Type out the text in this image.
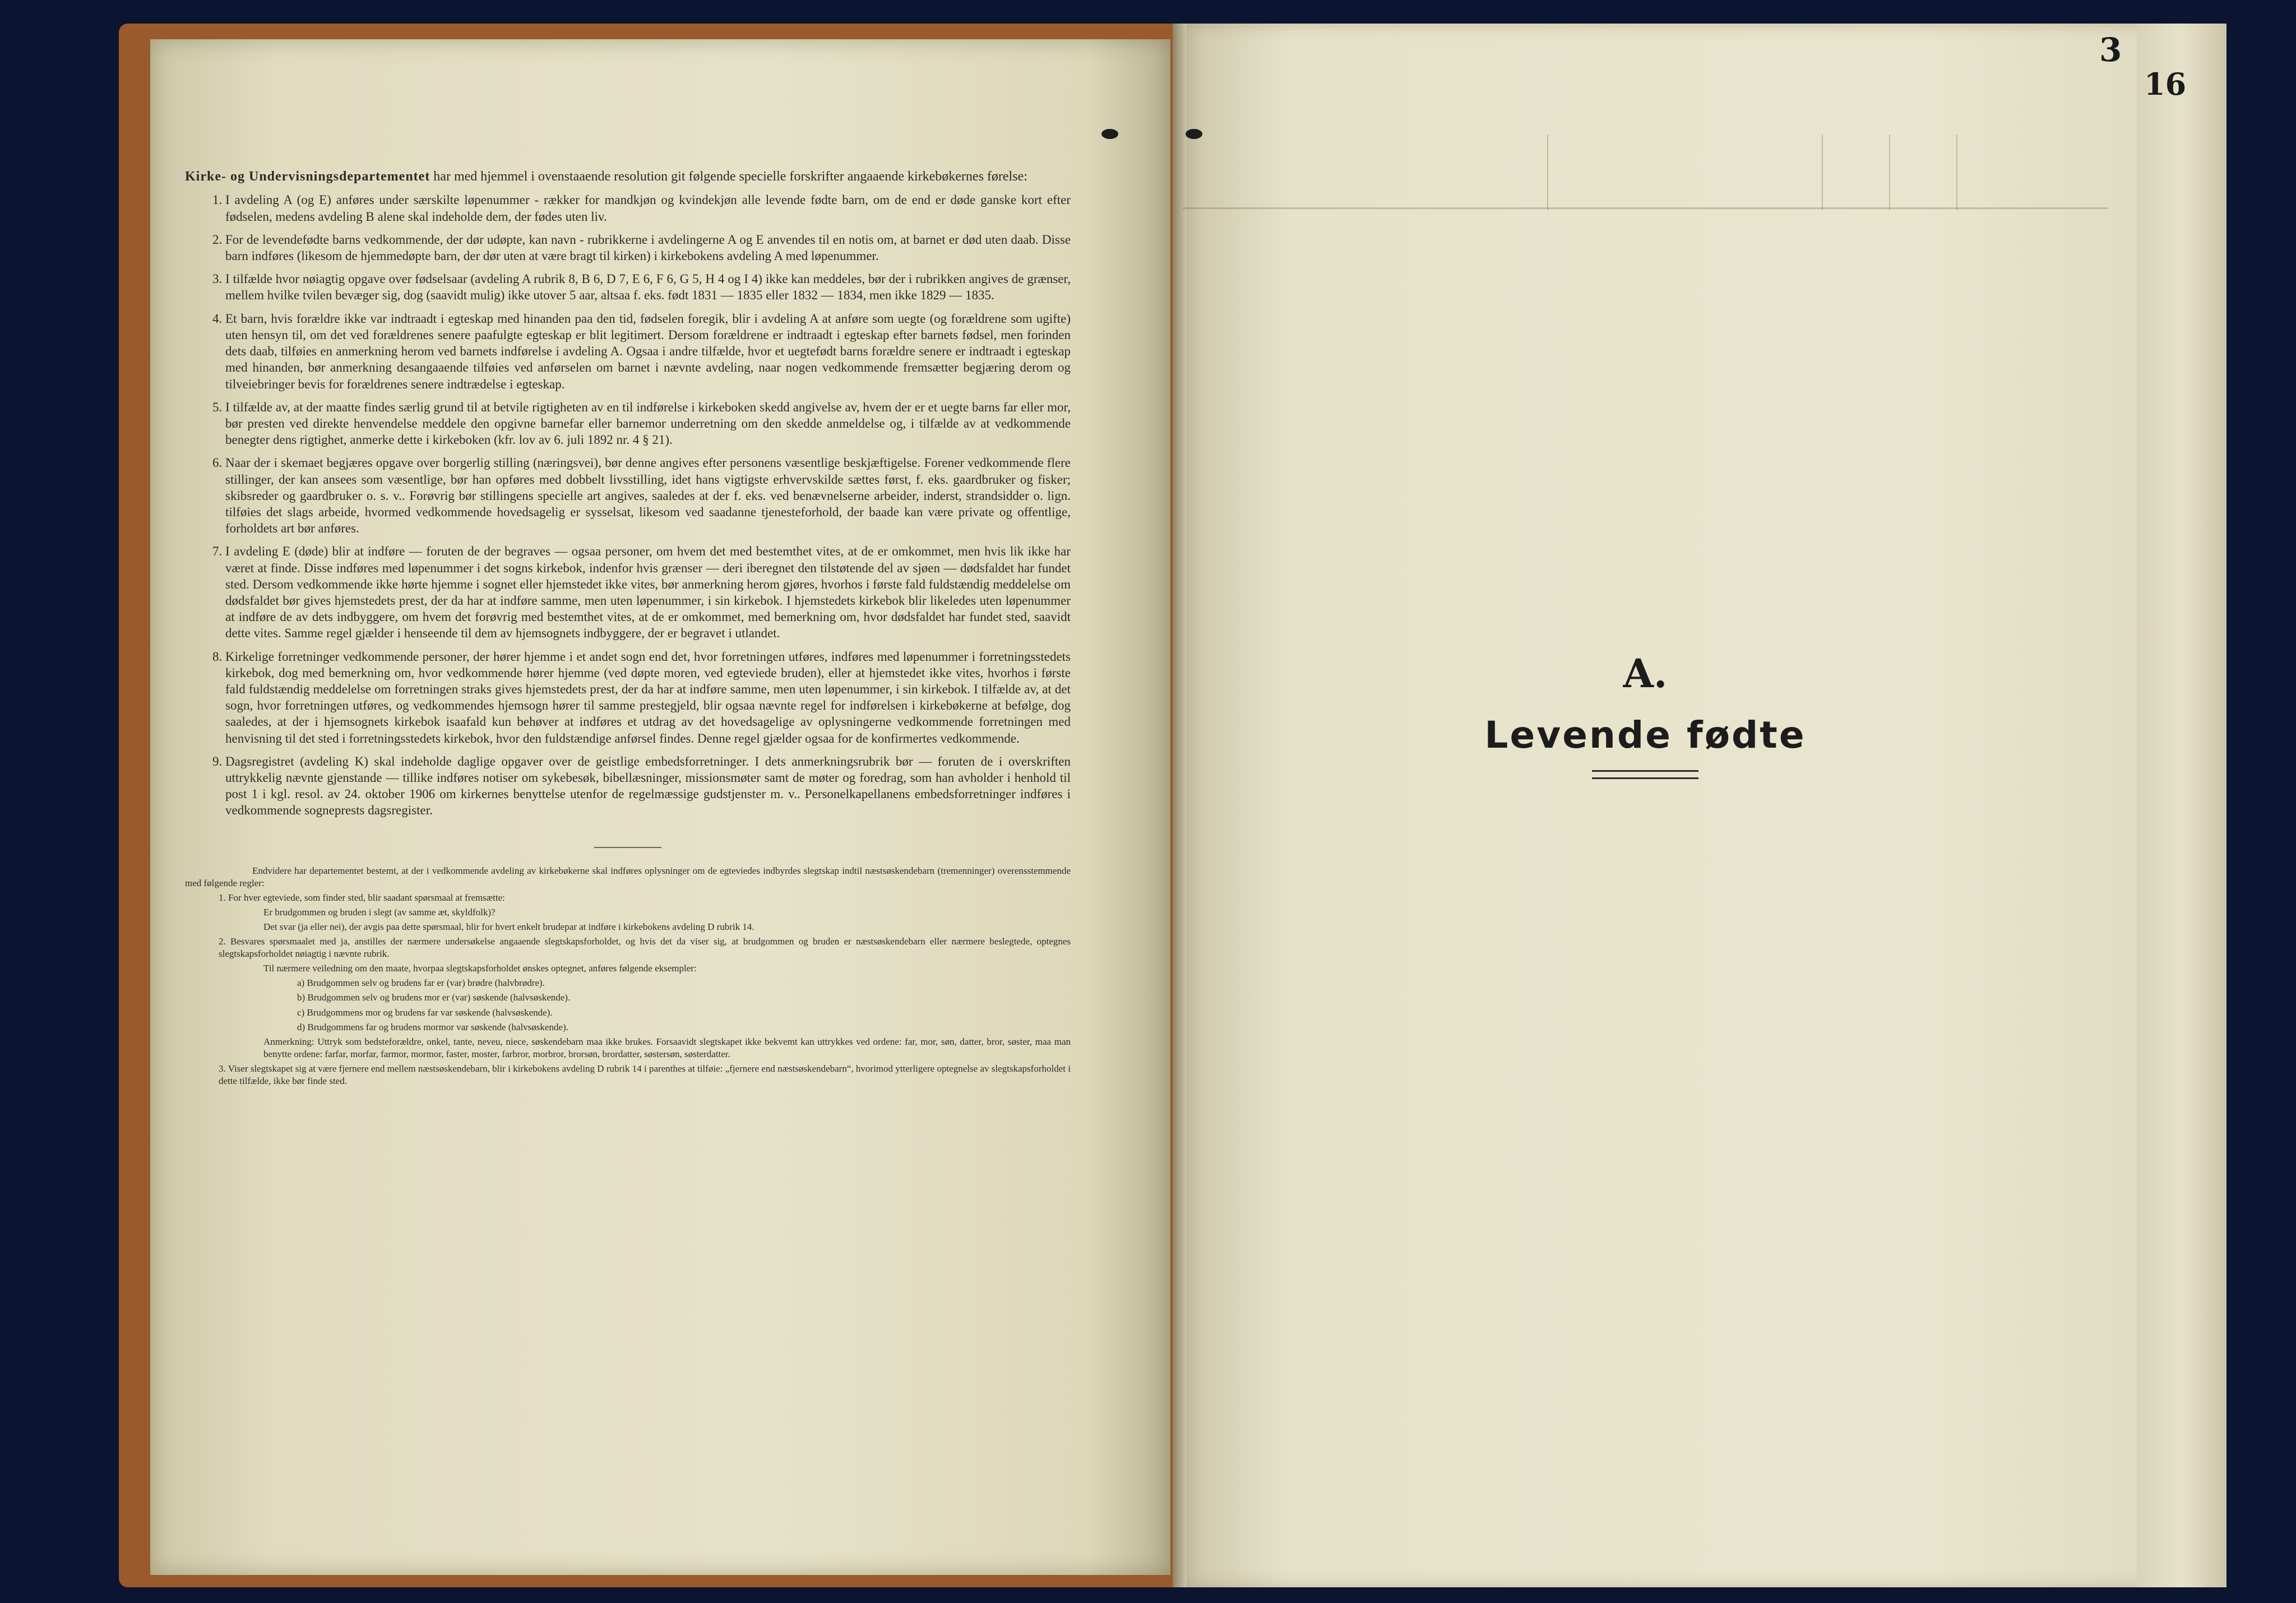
3
16

Kirke- og Undervisningsdepartementet har med hjemmel i ovenstaaende resolution git følgende specielle forskrifter angaaende kirkebøkernes førelse:

1. I avdeling A (og E) anføres under særskilte løpenummer - rækker for mandkjøn og kvindekjøn alle levende fødte barn, om de end er døde ganske kort efter fødselen, medens avdeling B alene skal indeholde dem, der fødes uten liv.
2. For de levendefødte barns vedkommende, der dør udøpte, kan navn - rubrikkerne i avdelingerne A og E anvendes til en notis om, at barnet er død uten daab. Disse barn indføres (likesom de hjemmedøpte barn, der dør uten at være bragt til kirken) i kirkebokens avdeling A med løpenummer.
3. I tilfælde hvor nøiagtig opgave over fødselsaar (avdeling A rubrik 8, B 6, D 7, E 6, F 6, G 5, H 4 og I 4) ikke kan meddeles, bør der i rubrikken angives de grænser, mellem hvilke tvilen bevæger sig, dog (saavidt mulig) ikke utover 5 aar, altsaa f. eks. født 1831 — 1835 eller 1832 — 1834, men ikke 1829 — 1835.
4. Et barn, hvis forældre ikke var indtraadt i egteskap med hinanden paa den tid, fødselen foregik, blir i avdeling A at anføre som uegte (og forældrene som ugifte) uten hensyn til, om det ved forældrenes senere paafulgte egteskap er blit legitimert. Dersom forældrene er indtraadt i egteskap efter barnets fødsel, men forinden dets daab, tilføies en anmerkning herom ved barnets indførelse i avdeling A. Ogsaa i andre tilfælde, hvor et uegtefødt barns forældre senere er indtraadt i egteskap med hinanden, bør anmerkning desangaaende tilføies ved anførselen om barnet i nævnte avdeling, naar nogen vedkommende fremsætter begjæring derom og tilveiebringer bevis for forældrenes senere indtrædelse i egteskap.
5. I tilfælde av, at der maatte findes særlig grund til at betvile rigtigheten av en til indførelse i kirkeboken skedd angivelse av, hvem der er et uegte barns far eller mor, bør presten ved direkte henvendelse meddele den opgivne barnefar eller barnemor underretning om den skedde anmeldelse og, i tilfælde av at vedkommende benegter dens rigtighet, anmerke dette i kirkeboken (kfr. lov av 6. juli 1892 nr. 4 § 21).
6. Naar der i skemaet begjæres opgave over borgerlig stilling (næringsvei), bør denne angives efter personens væsentlige beskjæftigelse. Forener vedkommende flere stillinger, der kan ansees som væsentlige, bør han opføres med dobbelt livsstilling, idet hans vigtigste erhvervskilde sættes først, f. eks. gaardbruker og fisker; skibsreder og gaardbruker o. s. v.. Forøvrig bør stillingens specielle art angives, saaledes at der f. eks. ved benævnelserne arbeider, inderst, strandsidder o. lign. tilføies det slags arbeide, hvormed vedkommende hovedsagelig er sysselsat, likesom ved saadanne tjenesteforhold, der baade kan være private og offentlige, forholdets art bør anføres.
7. I avdeling E (døde) blir at indføre — foruten de der begraves — ogsaa personer, om hvem det med bestemthet vites, at de er omkommet, men hvis lik ikke har været at finde. Disse indføres med løpenummer i det sogns kirkebok, indenfor hvis grænser — deri iberegnet den tilstøtende del av sjøen — dødsfaldet har fundet sted. Dersom vedkommende ikke hørte hjemme i sognet eller hjemstedet ikke vites, bør anmerkning herom gjøres, hvorhos i første fald fuldstændig meddelelse om dødsfaldet bør gives hjemstedets prest, der da har at indføre samme, men uten løpenummer, i sin kirkebok. I hjemstedets kirkebok blir likeledes uten løpenummer at indføre de av dets indbyggere, om hvem det forøvrig med bestemthet vites, at de er omkommet, med bemerkning om, hvor dødsfaldet har fundet sted, saavidt dette vites. Samme regel gjælder i henseende til dem av hjemsognets indbyggere, der er begravet i utlandet.
8. Kirkelige forretninger vedkommende personer, der hører hjemme i et andet sogn end det, hvor forretningen utføres, indføres med løpenummer i forretningsstedets kirkebok, dog med bemerkning om, hvor vedkommende hører hjemme (ved døpte moren, ved egteviede bruden), eller at hjemstedet ikke vites, hvorhos i første fald fuldstændig meddelelse om forretningen straks gives hjemstedets prest, der da har at indføre samme, men uten løpenummer, i sin kirkebok. I tilfælde av, at det sogn, hvor forretningen utføres, og vedkommendes hjemsogn hører til samme prestegjeld, blir ogsaa nævnte regel for indførelsen i kirkebøkerne at befølge, dog saaledes, at der i hjemsognets kirkebok isaafald kun behøver at indføres et utdrag av det hovedsagelige av oplysningerne vedkommende forretningen med henvisning til det sted i forretningsstedets kirkebok, hvor den fuldstændige anførsel findes. Denne regel gjælder ogsaa for de konfirmertes vedkommende.
9. Dagsregistret (avdeling K) skal indeholde daglige opgaver over de geistlige embedsforretninger. I dets anmerkningsrubrik bør — foruten de i overskriften uttrykkelig nævnte gjenstande — tillike indføres notiser om sykebesøk, bibellæsninger, missionsmøter samt de møter og foredrag, som han avholder i henhold til post 1 i kgl. resol. av 24. oktober 1906 om kirkernes benyttelse utenfor de regelmæssige gudstjenster m. v.. Personelkapellanens embedsforretninger indføres i vedkommende sogneprests dagsregister.

Endvidere har departementet bestemt, at der i vedkommende avdeling av kirkebøkerne skal indføres oplysninger om de egteviedes indbyrdes slegtskap indtil næstsøskendebarn (tremenninger) overensstemmende med følgende regler:

1. For hver egteviede, som finder sted, blir saadant spørsmaal at fremsætte:

Er brudgommen og bruden i slegt (av samme æt, skyldfolk)?

Det svar (ja eller nei), der avgis paa dette spørsmaal, blir for hvert enkelt brudepar at indføre i kirkebokens avdeling D rubrik 14.

2. Besvares spørsmaalet med ja, anstilles der nærmere undersøkelse angaaende slegtskapsforholdet, og hvis det da viser sig, at brudgommen og bruden er næstsøskendebarn eller nærmere beslegtede, optegnes slegtskapsforholdet nøiagtig i nævnte rubrik.

Til nærmere veiledning om den maate, hvorpaa slegtskapsforholdet ønskes optegnet, anføres følgende eksempler:

a) Brudgommen selv og brudens far er (var) brødre (halvbrødre).

b) Brudgommen selv og brudens mor er (var) søskende (halvsøskende).

c) Brudgommens mor og brudens far var søskende (halvsøskende).

d) Brudgommens far og brudens mormor var søskende (halvsøskende).

Anmerkning: Uttryk som bedsteforældre, onkel, tante, neveu, niece, søskendebarn maa ikke brukes. Forsaavidt slegtskapet ikke bekvemt kan uttrykkes ved ordene: far, mor, søn, datter, bror, søster, maa man benytte ordene: farfar, morfar, farmor, mormor, faster, moster, farbror, morbror, brorsøn, brordatter, søstersøn, søsterdatter.

3. Viser slegtskapet sig at være fjernere end mellem næstsøskendebarn, blir i kirkebokens avdeling D rubrik 14 i parenthes at tilføie: „fjernere end næstsøskendebarn“, hvorimod ytterligere optegnelse av slegtskapsforholdet i dette tilfælde, ikke bør finde sted.

A.
Levende fødte
